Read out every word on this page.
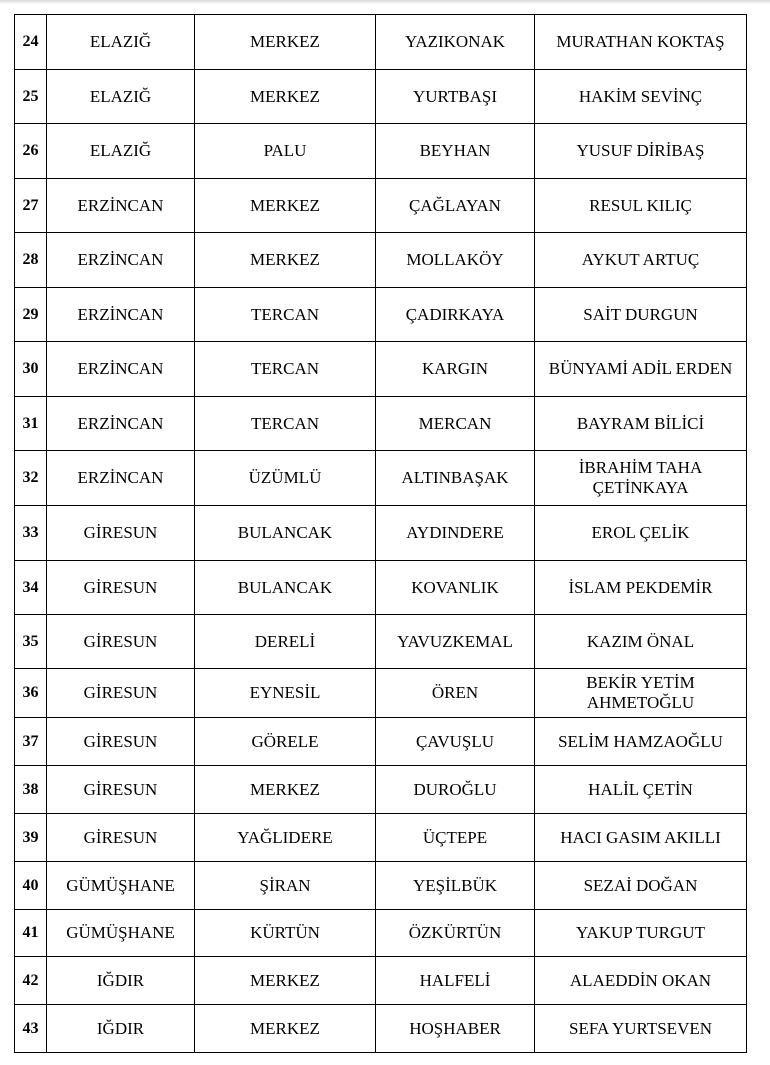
24	ELAZIĞ	MERKEZ	YAZIKONAK	MURATHAN KOKTAŞ
25	ELAZIĞ	MERKEZ	YURTBAŞI	HAKİM SEVİNÇ
26	ELAZIĞ	PALU	BEYHAN	YUSUF DİRİBAŞ
27	ERZİNCAN	MERKEZ	ÇAĞLAYAN	RESUL KILIÇ
28	ERZİNCAN	MERKEZ	MOLLAKÖY	AYKUT ARTUÇ
29	ERZİNCAN	TERCAN	ÇADIRKAYA	SAİT DURGUN
30	ERZİNCAN	TERCAN	KARGIN	BÜNYAMİ ADİL ERDEN
31	ERZİNCAN	TERCAN	MERCAN	BAYRAM BİLİCİ
32	ERZİNCAN	ÜZÜMLÜ	ALTINBAŞAK	İBRAHİM TAHA ÇETİNKAYA
33	GİRESUN	BULANCAK	AYDINDERE	EROL ÇELİK
34	GİRESUN	BULANCAK	KOVANLIK	İSLAM PEKDEMİR
35	GİRESUN	DERELİ	YAVUZKEMAL	KAZIM ÖNAL
36	GİRESUN	EYNESİL	ÖREN	BEKİR YETİM AHMETOĞLU
37	GİRESUN	GÖRELE	ÇAVUŞLU	SELİM HAMZAOĞLU
38	GİRESUN	MERKEZ	DUROĞLU	HALİL ÇETİN
39	GİRESUN	YAĞLIDERE	ÜÇTEPE	HACI GASIM AKILLI
40	GÜMÜŞHANE	ŞİRAN	YEŞİLBÜK	SEZAİ DOĞAN
41	GÜMÜŞHANE	KÜRTÜN	ÖZKÜRTÜN	YAKUP TURGUT
42	IĞDIR	MERKEZ	HALFELİ	ALAEDDİN OKAN
43	IĞDIR	MERKEZ	HOŞHABER	SEFA YURTSEVEN
